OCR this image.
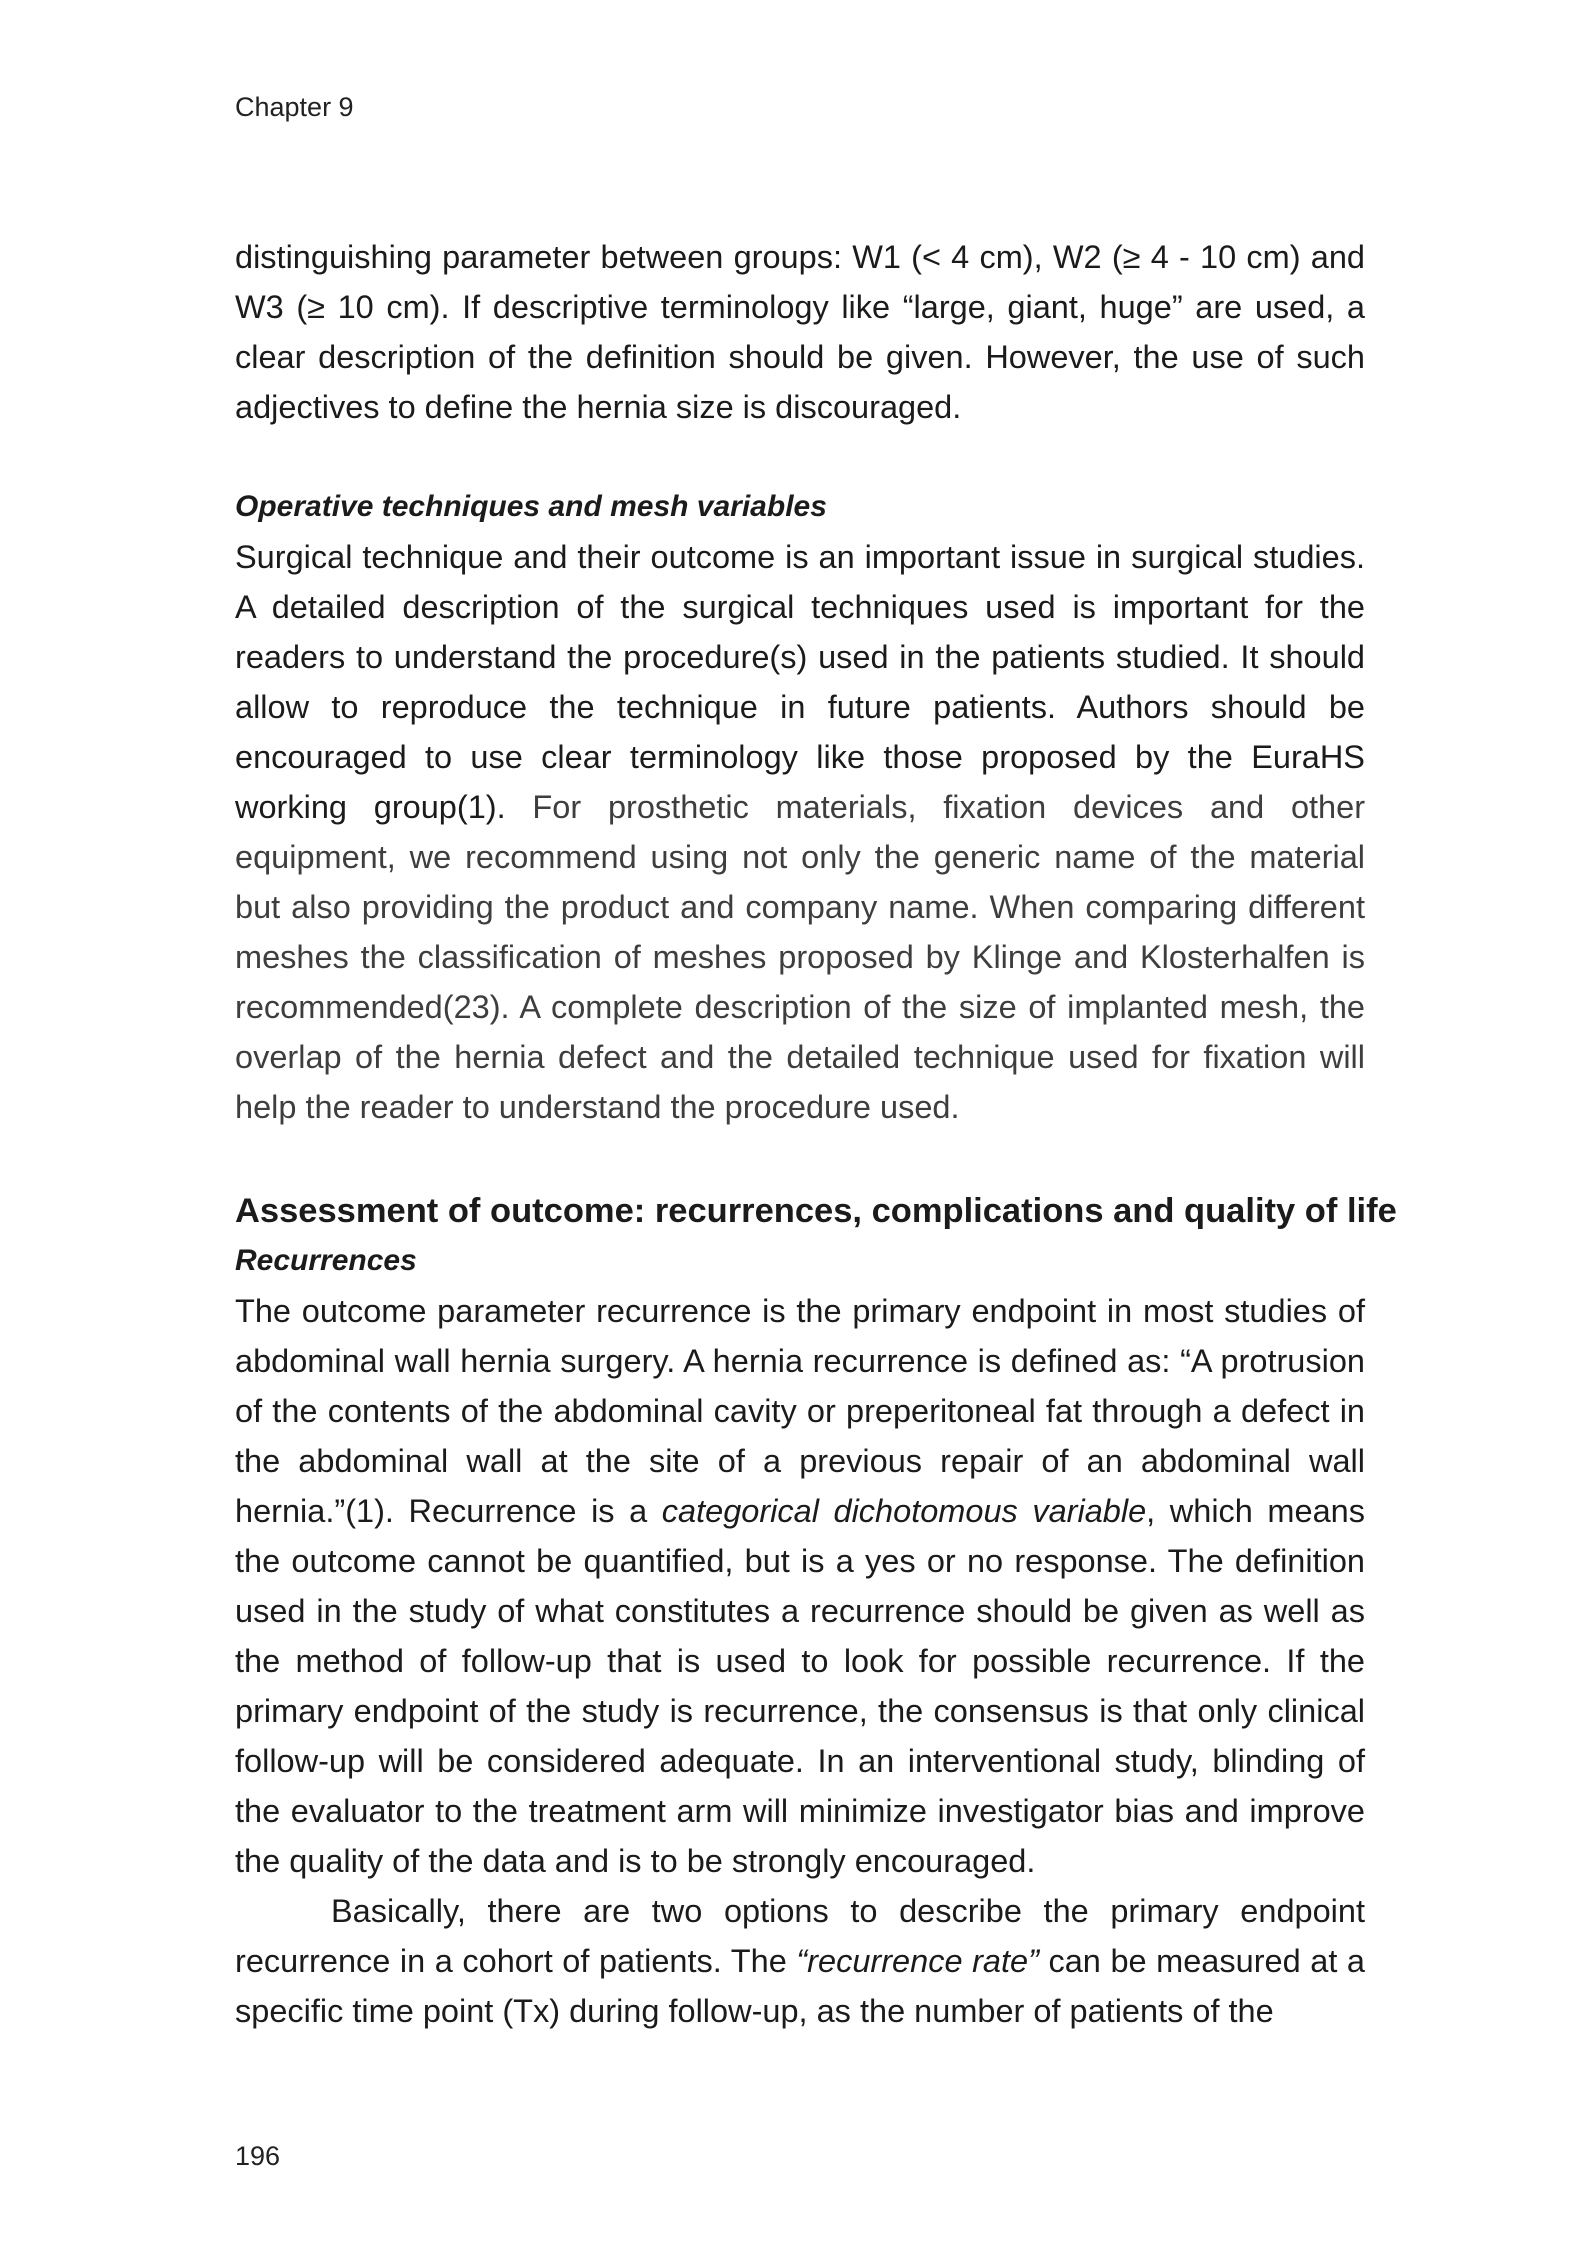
Chapter 9

distinguishing parameter between groups: W1 (< 4 cm), W2 (≥ 4 - 10 cm) and W3 (≥ 10 cm). If descriptive terminology like “large, giant, huge” are used, a clear description of the definition should be given. However, the use of such adjectives to define the hernia size is discouraged.

Operative techniques and mesh variables

Surgical technique and their outcome is an important issue in surgical studies. A detailed description of the surgical techniques used is important for the readers to understand the procedure(s) used in the patients studied. It should allow to reproduce the technique in future patients. Authors should be encouraged to use clear terminology like those proposed by the EuraHS working group(1). For prosthetic materials, fixation devices and other equipment, we recommend using not only the generic name of the material but also providing the product and company name. When comparing different meshes the classification of meshes proposed by Klinge and Klosterhalfen is recommended(23). A complete description of the size of implanted mesh, the overlap of the hernia defect and the detailed technique used for fixation will help the reader to understand the procedure used.

Assessment of outcome: recurrences, complications and quality of life

Recurrences

The outcome parameter recurrence is the primary endpoint in most studies of abdominal wall hernia surgery. A hernia recurrence is defined as: “A protrusion of the contents of the abdominal cavity or preperitoneal fat through a defect in the abdominal wall at the site of a previous repair of an abdominal wall hernia.”(1). Recurrence is a categorical dichotomous variable, which means the outcome cannot be quantified, but is a yes or no response. The definition used in the study of what constitutes a recurrence should be given as well as the method of follow-up that is used to look for possible recurrence. If the primary endpoint of the study is recurrence, the consensus is that only clinical follow-up will be considered adequate. In an interventional study, blinding of the evaluator to the treatment arm will minimize investigator bias and improve the quality of the data and is to be strongly encouraged.

Basically, there are two options to describe the primary endpoint recurrence in a cohort of patients. The “recurrence rate” can be measured at a specific time point (Tx) during follow-up, as the number of patients of the

196
